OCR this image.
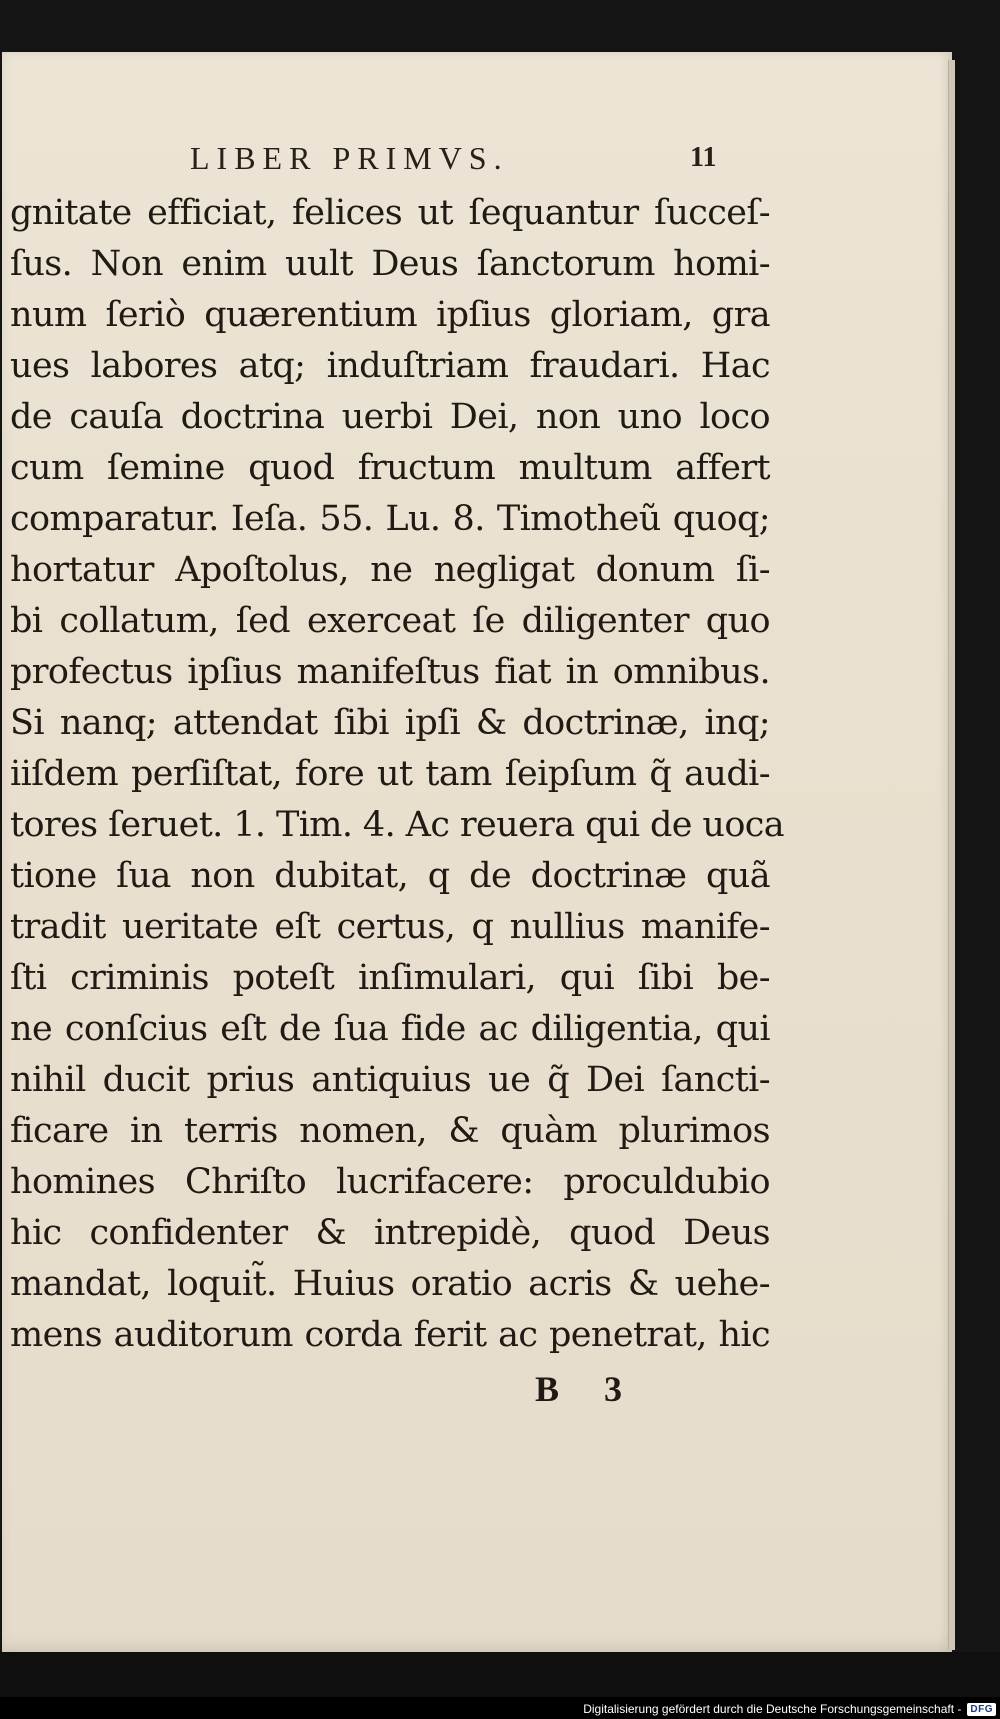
LIBER PRIMVS.	11
gnitate efficiat, felices ut ſequantur ſucceſ-
ſus. Non enim uult Deus ſanctorum homi-
num ſeriò quærentium ipſius gloriam, gra
ues labores atq; induſtriam fraudari. Hac
de cauſa doctrina uerbi Dei, non uno loco
cum ſemine quod fructum multum affert
comparatur. Ieſa. 55. Lu. 8. Timotheũ quoq;
hortatur Apoſtolus, ne negligat donum ſi-
bi collatum, ſed exerceat ſe diligenter quo
profectus ipſius manifeſtus fiat in omnibus.
Si nanq; attendat ſibi ipſi & doctrinæ, inq;
iiſdem perſiſtat, fore ut tam ſeipſum q̃ audi-
tores ſeruet. 1. Tim. 4. Ac reuera qui de uoca
tione ſua non dubitat, q de doctrinæ quã
tradit ueritate eſt certus, q nullius manife-
ſti criminis poteſt inſimulari, qui ſibi be-
ne conſcius eſt de ſua fide ac diligentia, qui
nihil ducit prius antiquius ue q̃ Dei ſancti-
ficare in terris nomen, & quàm plurimos
homines Chriſto lucrifacere: proculdubio
hic confidenter & intrepidè, quod Deus
mandat, loquit̃. Huius oratio acris & uehe-
mens auditorum corda ferit ac penetrat, hic
B 3
Digitalisierung gefördert durch die Deutsche Forschungsgemeinschaft - DFG
